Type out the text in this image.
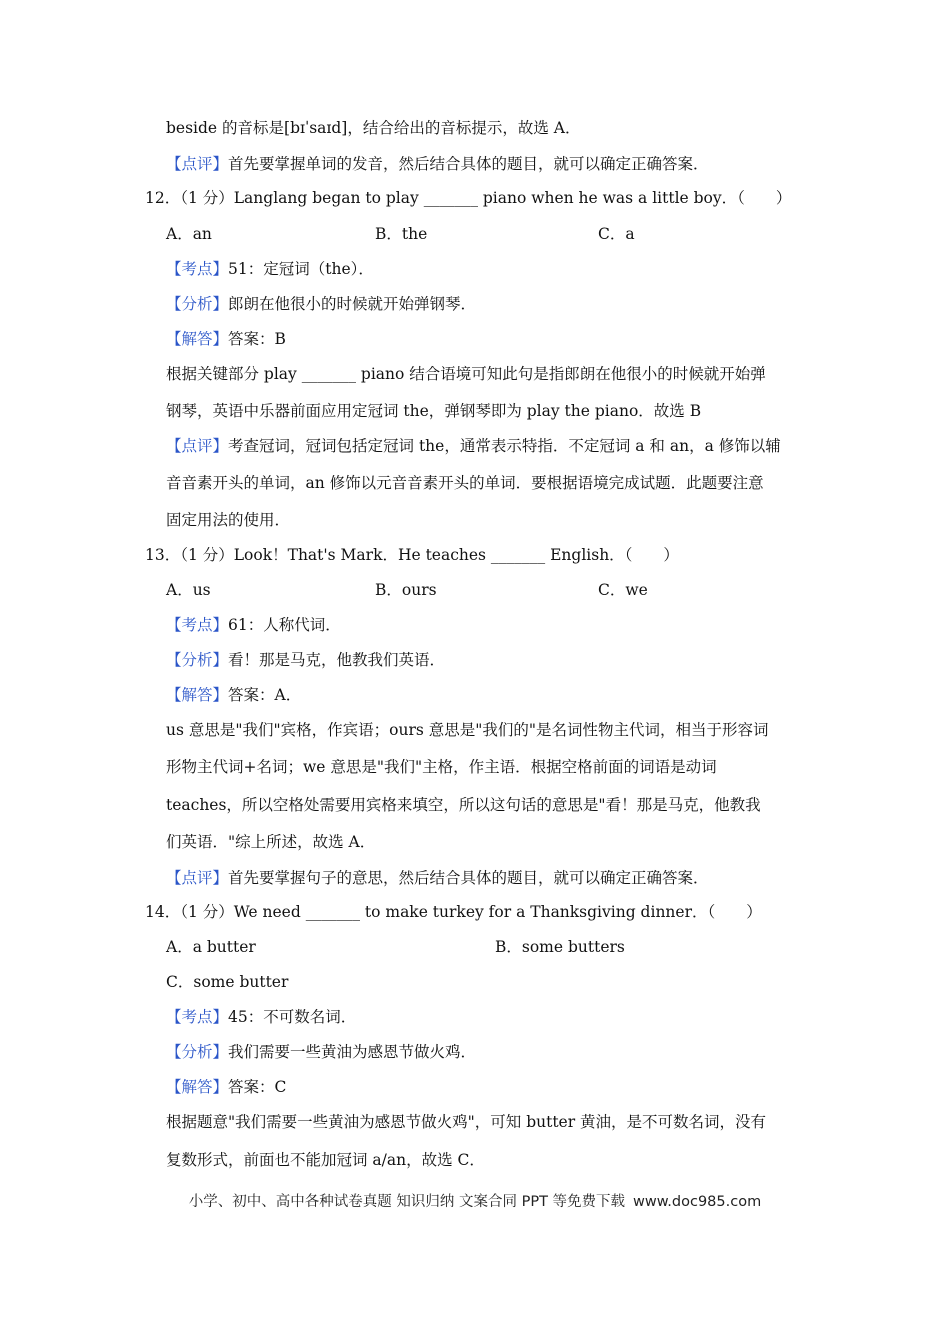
beside 的音标是[bɪˈsaɪd]，结合给出的音标提示，故选 A．
【点评】首先要掌握单词的发音，然后结合具体的题目，就可以确定正确答案．
12．（1 分）Langlang began to play _______ piano when he was a little boy．（　　）
A．an	B．the	C．a
【考点】51：定冠词（the）．
【分析】郎朗在他很小的时候就开始弹钢琴．
【解答】答案：B
根据关键部分 play _______ piano 结合语境可知此句是指郎朗在他很小的时候就开始弹
钢琴，英语中乐器前面应用定冠词 the，弹钢琴即为 play the piano．故选 B
【点评】考查冠词，冠词包括定冠词 the，通常表示特指．不定冠词 a 和 an，a 修饰以辅
音音素开头的单词，an 修饰以元音音素开头的单词．要根据语境完成试题．此题要注意
固定用法的使用．
13．（1 分）Look！That's Mark．He teaches _______ English．（　　）
A．us	B．ours	C．we
【考点】61：人称代词．
【分析】看！那是马克，他教我们英语．
【解答】答案：A．
us 意思是"我们"宾格，作宾语；ours 意思是"我们的"是名词性物主代词，相当于形容词
形物主代词+名词；we 意思是"我们"主格，作主语．根据空格前面的词语是动词
teaches，所以空格处需要用宾格来填空，所以这句话的意思是"看！那是马克，他教我
们英语．"综上所述，故选 A．
【点评】首先要掌握句子的意思，然后结合具体的题目，就可以确定正确答案．
14．（1 分）We need _______ to make turkey for a Thanksgiving dinner．（　　）
A．a butter	B．some butters
C．some butter
【考点】45：不可数名词．
【分析】我们需要一些黄油为感恩节做火鸡．
【解答】答案：C
根据题意"我们需要一些黄油为感恩节做火鸡"，可知 butter 黄油，是不可数名词，没有
复数形式，前面也不能加冠词 a/an，故选 C．
小学、初中、高中各种试卷真题 知识归纳 文案合同 PPT 等免费下载 www.doc985.com
